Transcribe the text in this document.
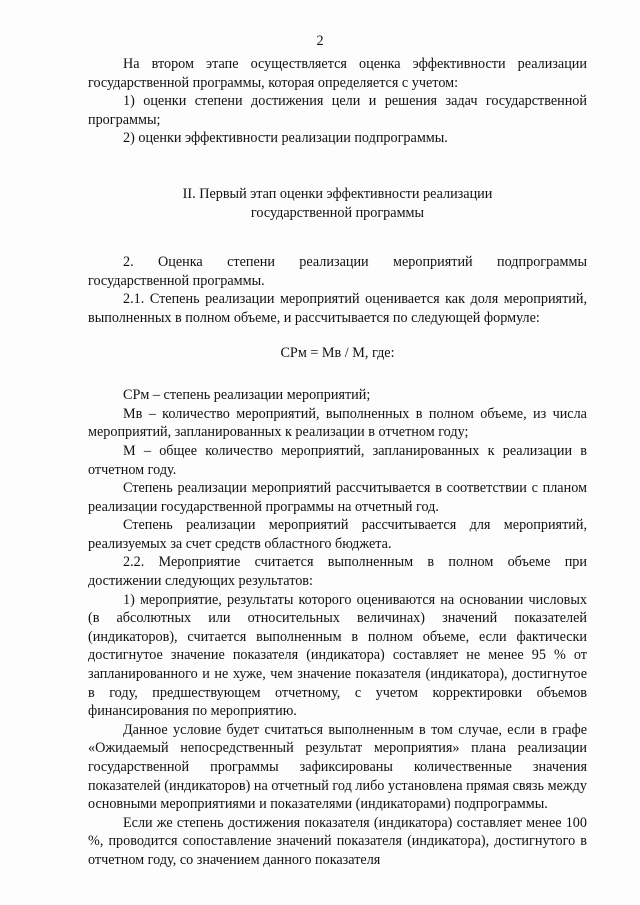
2

На втором этапе осуществляется оценка эффективности реализации государственной программы, которая определяется с учетом:

1) оценки степени достижения цели и решения задач государственной программы;

2) оценки эффективности реализации подпрограммы.

II. Первый этап оценки эффективности реализации
государственной программы

2. Оценка степени реализации мероприятий подпрограммы государственной программы.

2.1. Степень реализации мероприятий оценивается как доля мероприятий, выполненных в полном объеме, и рассчитывается по следующей формуле:

СРм = Мв / М, где:

СРм – степень реализации мероприятий;

Мв – количество мероприятий, выполненных в полном объеме, из числа мероприятий, запланированных к реализации в отчетном году;

М – общее количество мероприятий, запланированных к реализации в отчетном году.

Степень реализации мероприятий рассчитывается в соответствии с планом реализации государственной программы на отчетный год.

Степень реализации мероприятий рассчитывается для мероприятий, реализуемых за счет средств областного бюджета.

2.2. Мероприятие считается выполненным в полном объеме при достижении следующих результатов:

1) мероприятие, результаты которого оцениваются на основании числовых (в абсолютных или относительных величинах) значений показателей (индикаторов), считается выполненным в полном объеме, если фактически достигнутое значение показателя (индикатора) составляет не менее 95 % от запланированного и не хуже, чем значение показателя (индикатора), достигнутое в году, предшествующем отчетному, с учетом корректировки объемов финансирования по мероприятию.

Данное условие будет считаться выполненным в том случае, если в графе «Ожидаемый непосредственный результат мероприятия» плана реализации государственной программы зафиксированы количественные значения показателей (индикаторов) на отчетный год либо установлена прямая связь между основными мероприятиями и показателями (индикаторами) подпрограммы.

Если же степень достижения показателя (индикатора) составляет менее 100 %, проводится сопоставление значений показателя (индикатора), достигнутого в отчетном году, со значением данного показателя
